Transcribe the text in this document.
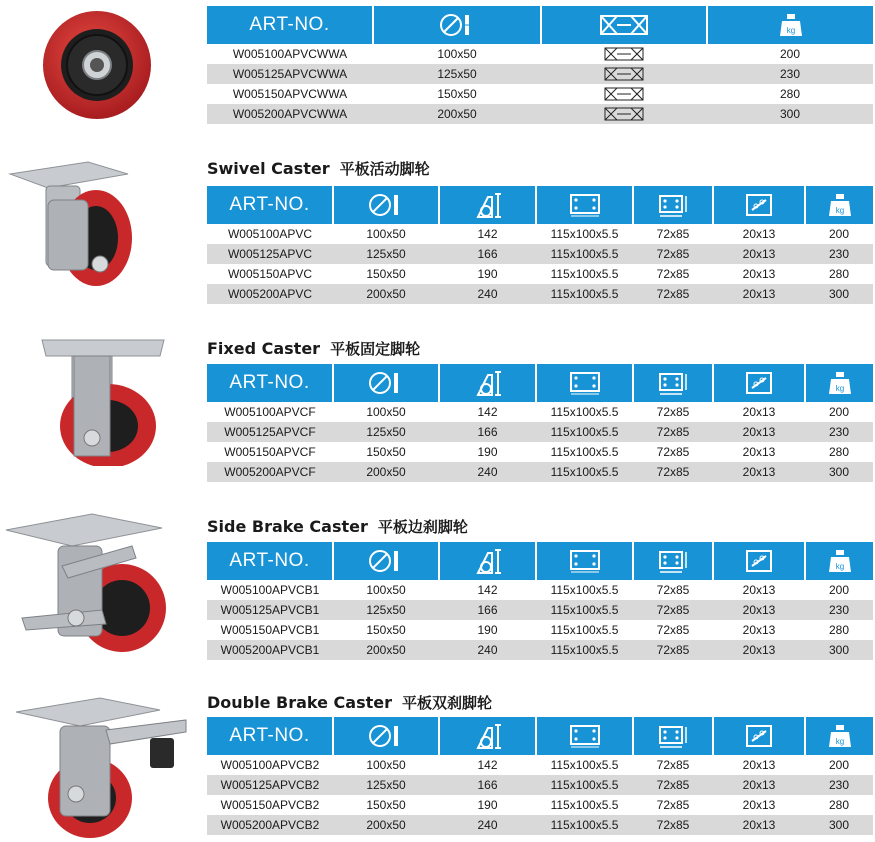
ART-NO.			kg

W005100APVCWWA	100x50		200
W005125APVCWWA	125x50		230
W005150APVCWWA	150x50		280
W005200APVCWWA	200x50		300
Swivel Caster 平板活动脚轮
ART-NO.						kg

W005100APVC	100x50	142	115x100x5.5	72x85	20x13	200
W005125APVC	125x50	166	115x100x5.5	72x85	20x13	230
W005150APVC	150x50	190	115x100x5.5	72x85	20x13	280
W005200APVC	200x50	240	115x100x5.5	72x85	20x13	300
Fixed Caster 平板固定脚轮
ART-NO.						kg

W005100APVCF	100x50	142	115x100x5.5	72x85	20x13	200
W005125APVCF	125x50	166	115x100x5.5	72x85	20x13	230
W005150APVCF	150x50	190	115x100x5.5	72x85	20x13	280
W005200APVCF	200x50	240	115x100x5.5	72x85	20x13	300
Side Brake Caster 平板边刹脚轮
ART-NO.						kg

W005100APVCB1	100x50	142	115x100x5.5	72x85	20x13	200
W005125APVCB1	125x50	166	115x100x5.5	72x85	20x13	230
W005150APVCB1	150x50	190	115x100x5.5	72x85	20x13	280
W005200APVCB1	200x50	240	115x100x5.5	72x85	20x13	300
Double Brake Caster 平板双刹脚轮
ART-NO.						kg

W005100APVCB2	100x50	142	115x100x5.5	72x85	20x13	200
W005125APVCB2	125x50	166	115x100x5.5	72x85	20x13	230
W005150APVCB2	150x50	190	115x100x5.5	72x85	20x13	280
W005200APVCB2	200x50	240	115x100x5.5	72x85	20x13	300
